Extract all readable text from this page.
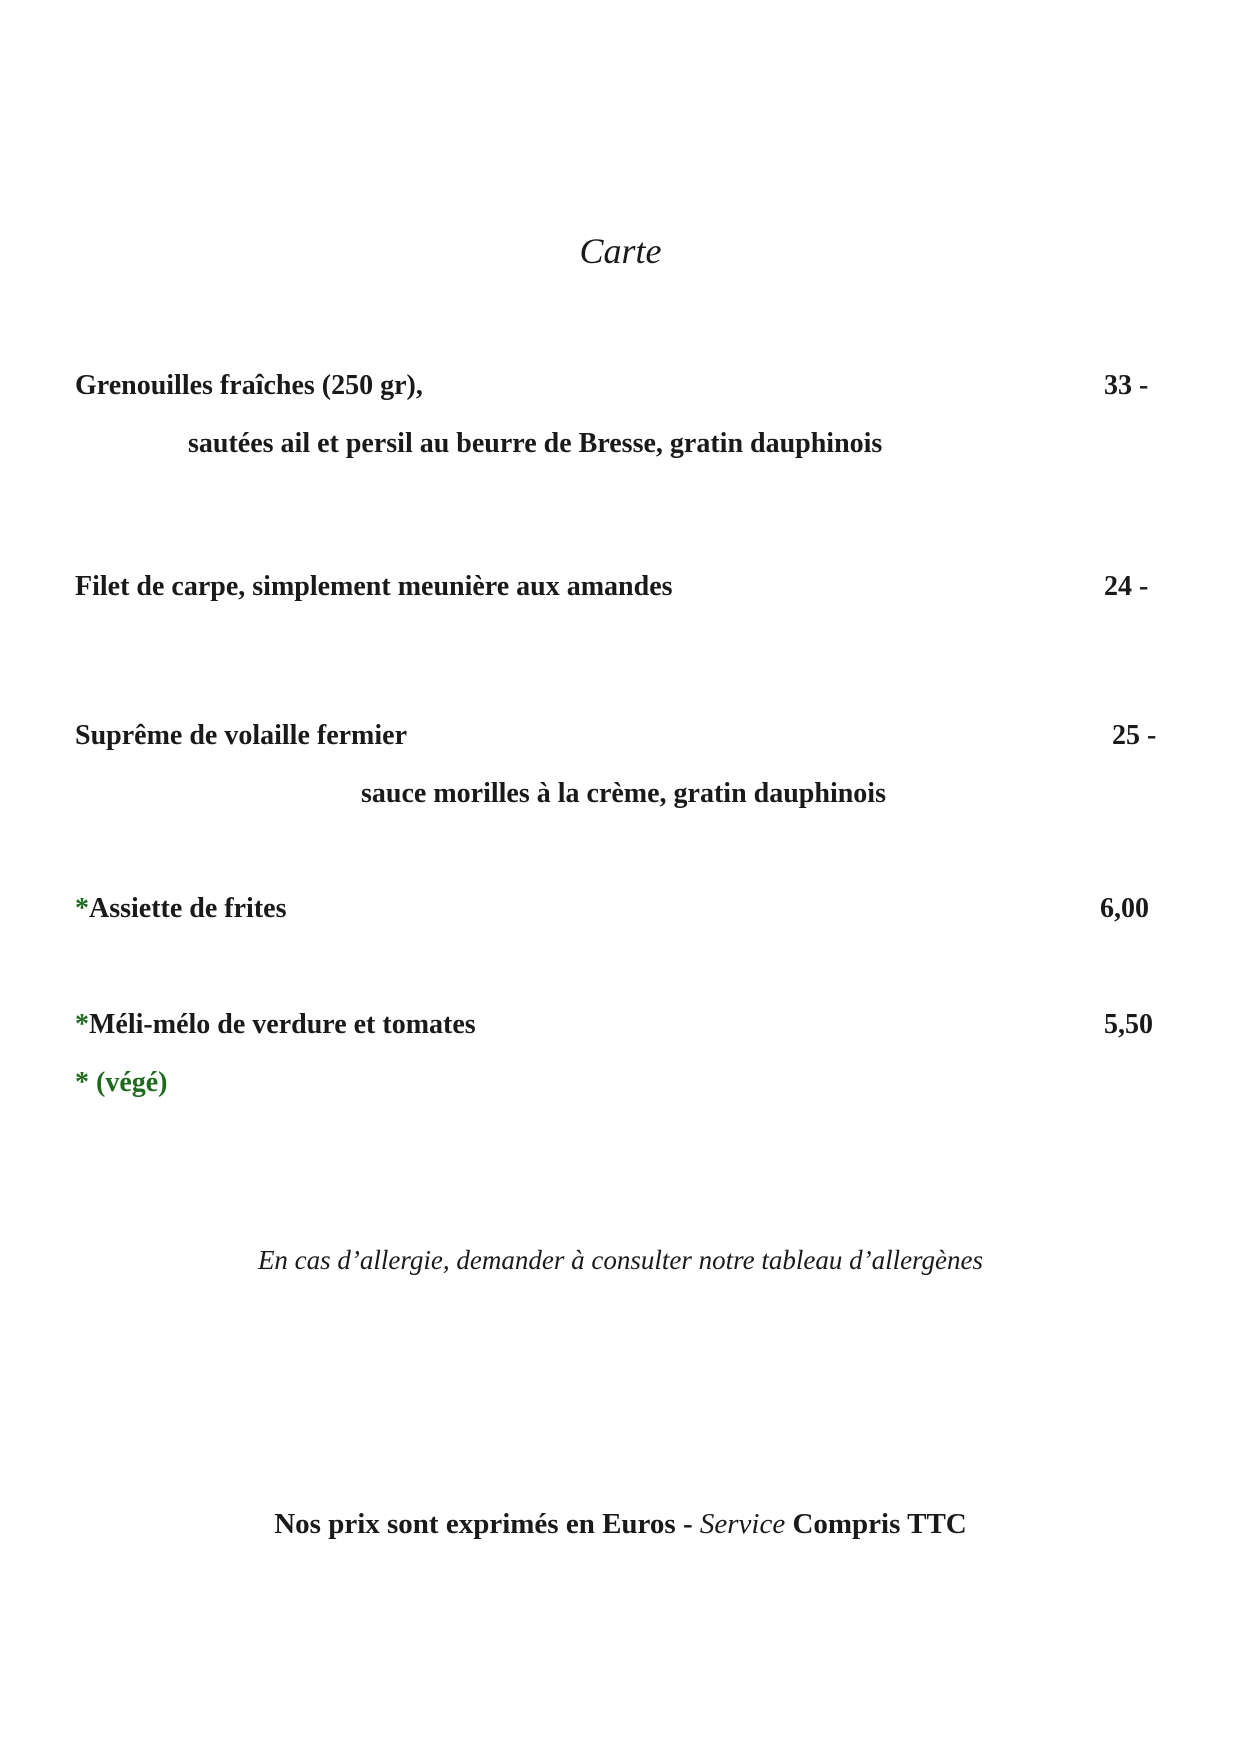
Carte
Grenouilles fraîches (250 gr),	33 -
sautées ail et persil au beurre de Bresse, gratin dauphinois
Filet de carpe, simplement meunière aux amandes	24 -
Suprême de volaille fermier	25 -
sauce morilles à la crème, gratin dauphinois
*Assiette de frites	6,00
*Méli-mélo de verdure et tomates	5,50
* (végé)
En cas d’allergie, demander à consulter notre tableau d’allergènes
Nos prix sont exprimés en Euros - Service Compris TTC
